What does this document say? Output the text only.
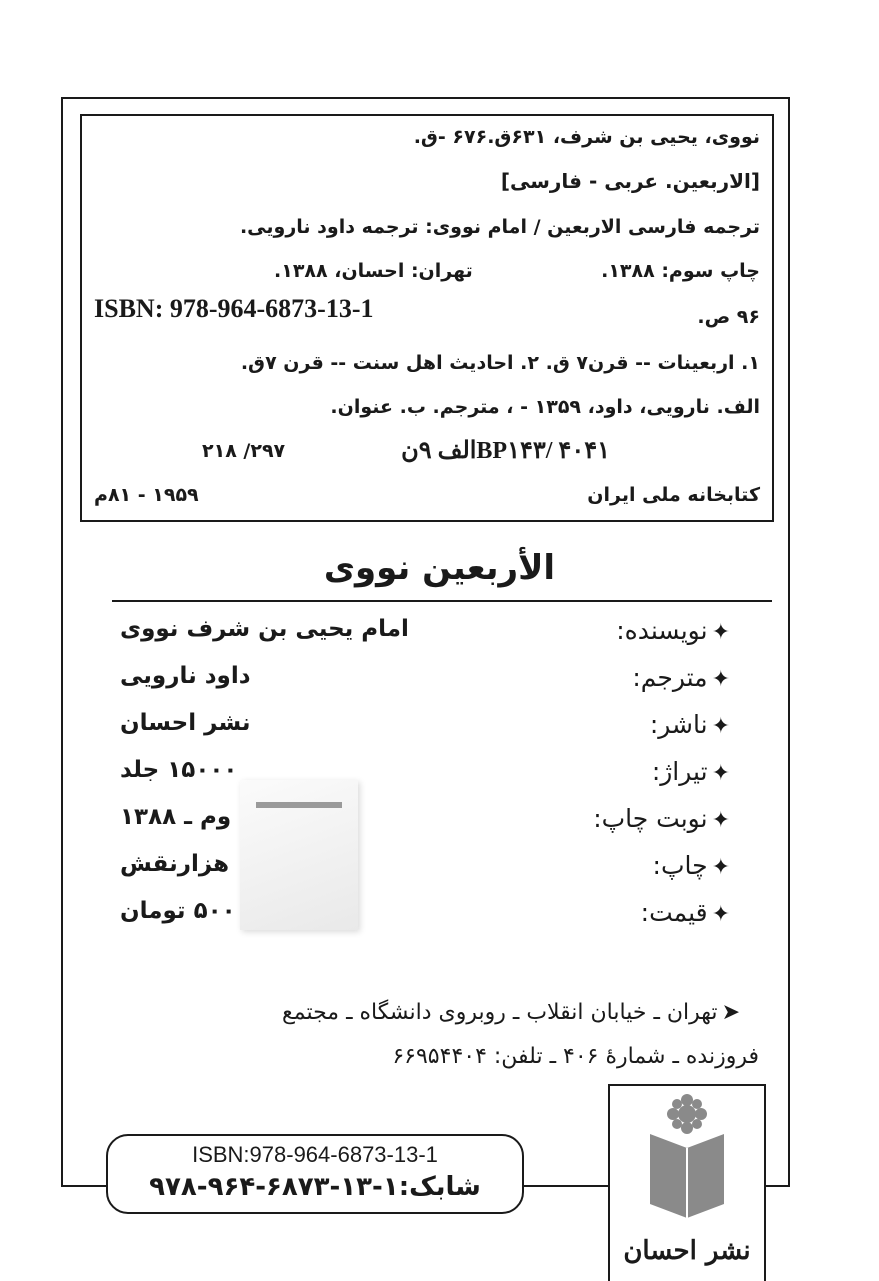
نووی، یحیی بن شرف، ۶۳۱ق.۶۷۶ -ق.
[الاربعین. عربی - فارسی]
ترجمه فارسی الاربعین / امام نووی: ترجمه داود نارویی.
چاپ سوم: ۱۳۸۸.
تهران: احسان، ۱۳۸۸.
۹۶ ص.
ISBN: 978-964-6873-13-1
۱. اربعینات -- قرن۷ ق. ۲. احادیث اهل سنت -- قرن ۷ق.
الف. نارویی، داود، ۱۳۵۹ - ، مترجم. ب. عنوان.
BP۱۴۳/ ۴۰۴۱الف ۹ن
۲۹۷/ ۲۱۸
کتابخانه ملی ایران
۱۹۵۹ - ۸۱م
الأربعین نووی
✦نویسنده:
امام یحیی بن شرف نووی
✦مترجم:
داود نارویی
✦ناشر:
نشر احسان
✦تیراژ:
۱۵۰۰۰ جلد
✦نوبت چاپ:
وم ـ ۱۳۸۸
✦چاپ:
هزارنقش
✦قیمت:
۵۰۰ تومان
➤تهران ـ خیابان انقلاب ـ روبروی دانشگاه ـ مجتمع
فروزنده ـ شمارهٔ ۴۰۶ ـ تلفن: ۶۶۹۵۴۴۰۴
ISBN:978-964-6873-13-1
شابک:۱-۱۳-۶۸۷۳-۹۶۴-۹۷۸
نشر احسان
